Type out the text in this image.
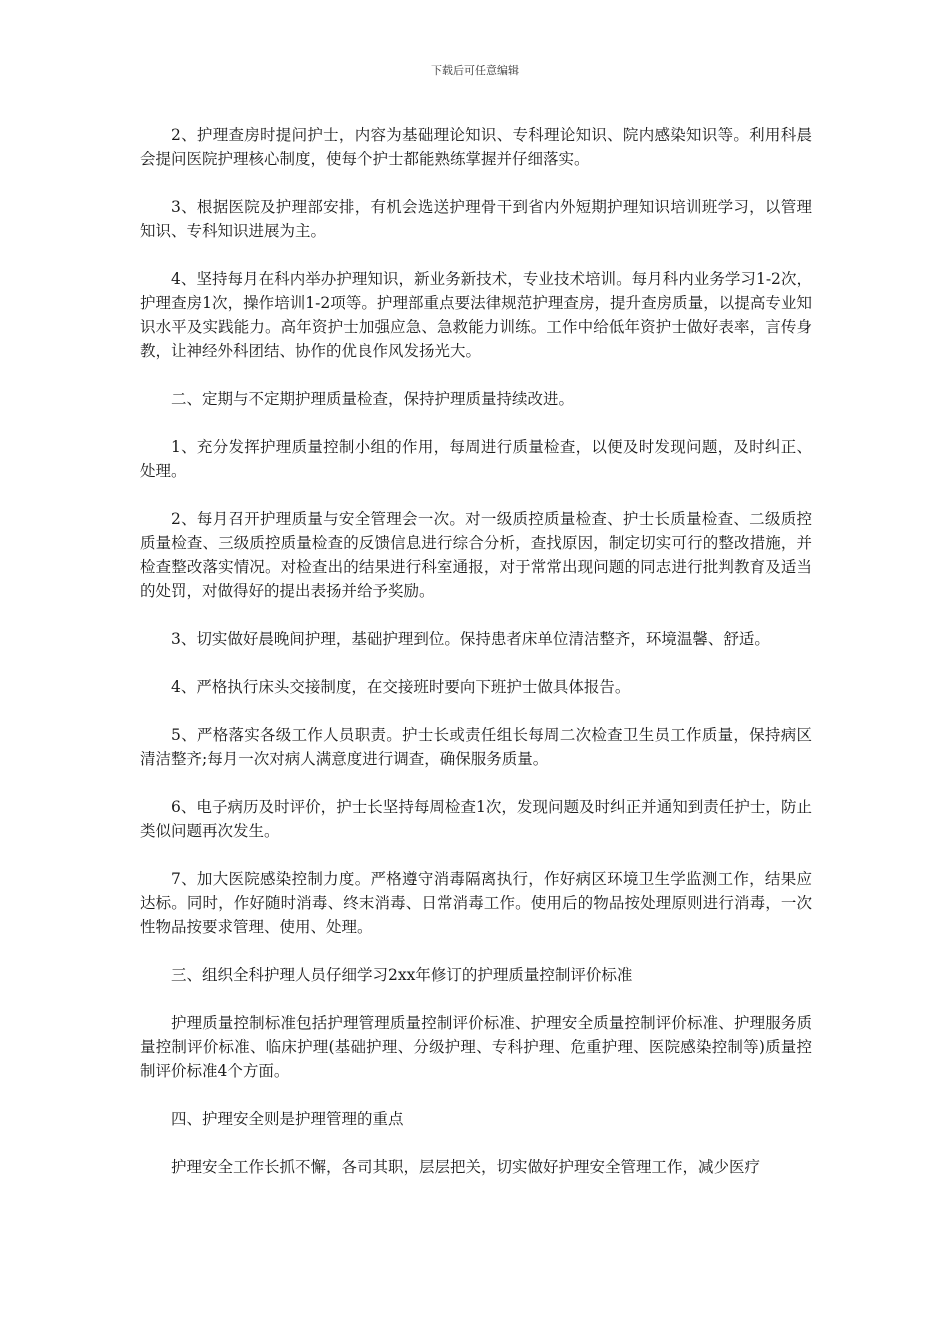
下载后可任意编辑

2、护理查房时提问护士，内容为基础理论知识、专科理论知识、院内感染知识等。利用科晨会提问医院护理核心制度，使每个护士都能熟练掌握并仔细落实。

3、根据医院及护理部安排，有机会选送护理骨干到省内外短期护理知识培训班学习，以管理知识、专科知识进展为主。

4、坚持每月在科内举办护理知识，新业务新技术，专业技术培训。每月科内业务学习1-2次，护理查房1次，操作培训1-2项等。护理部重点要法律规范护理查房，提升查房质量，以提高专业知识水平及实践能力。高年资护士加强应急、急救能力训练。工作中给低年资护士做好表率，言传身教，让神经外科团结、协作的优良作风发扬光大。

二、定期与不定期护理质量检查，保持护理质量持续改进。

1、充分发挥护理质量控制小组的作用，每周进行质量检查，以便及时发现问题，及时纠正、处理。

2、每月召开护理质量与安全管理会一次。对一级质控质量检查、护士长质量检查、二级质控质量检查、三级质控质量检查的反馈信息进行综合分析，查找原因，制定切实可行的整改措施，并检查整改落实情况。对检查出的结果进行科室通报，对于常常出现问题的同志进行批判教育及适当的处罚，对做得好的提出表扬并给予奖励。

3、切实做好晨晚间护理，基础护理到位。保持患者床单位清洁整齐，环境温馨、舒适。

4、严格执行床头交接制度，在交接班时要向下班护士做具体报告。

5、严格落实各级工作人员职责。护士长或责任组长每周二次检查卫生员工作质量，保持病区清洁整齐;每月一次对病人满意度进行调查，确保服务质量。

6、电子病历及时评价，护士长坚持每周检查1次，发现问题及时纠正并通知到责任护士，防止类似问题再次发生。

7、加大医院感染控制力度。严格遵守消毒隔离执行，作好病区环境卫生学监测工作，结果应达标。同时，作好随时消毒、终末消毒、日常消毒工作。使用后的物品按处理原则进行消毒，一次性物品按要求管理、使用、处理。

三、组织全科护理人员仔细学习2xx年修订的护理质量控制评价标准

护理质量控制标准包括护理管理质量控制评价标准、护理安全质量控制评价标准、护理服务质量控制评价标准、临床护理(基础护理、分级护理、专科护理、危重护理、医院感染控制等)质量控制评价标准4个方面。

四、护理安全则是护理管理的重点

护理安全工作长抓不懈，各司其职，层层把关，切实做好护理安全管理工作，减少医疗
